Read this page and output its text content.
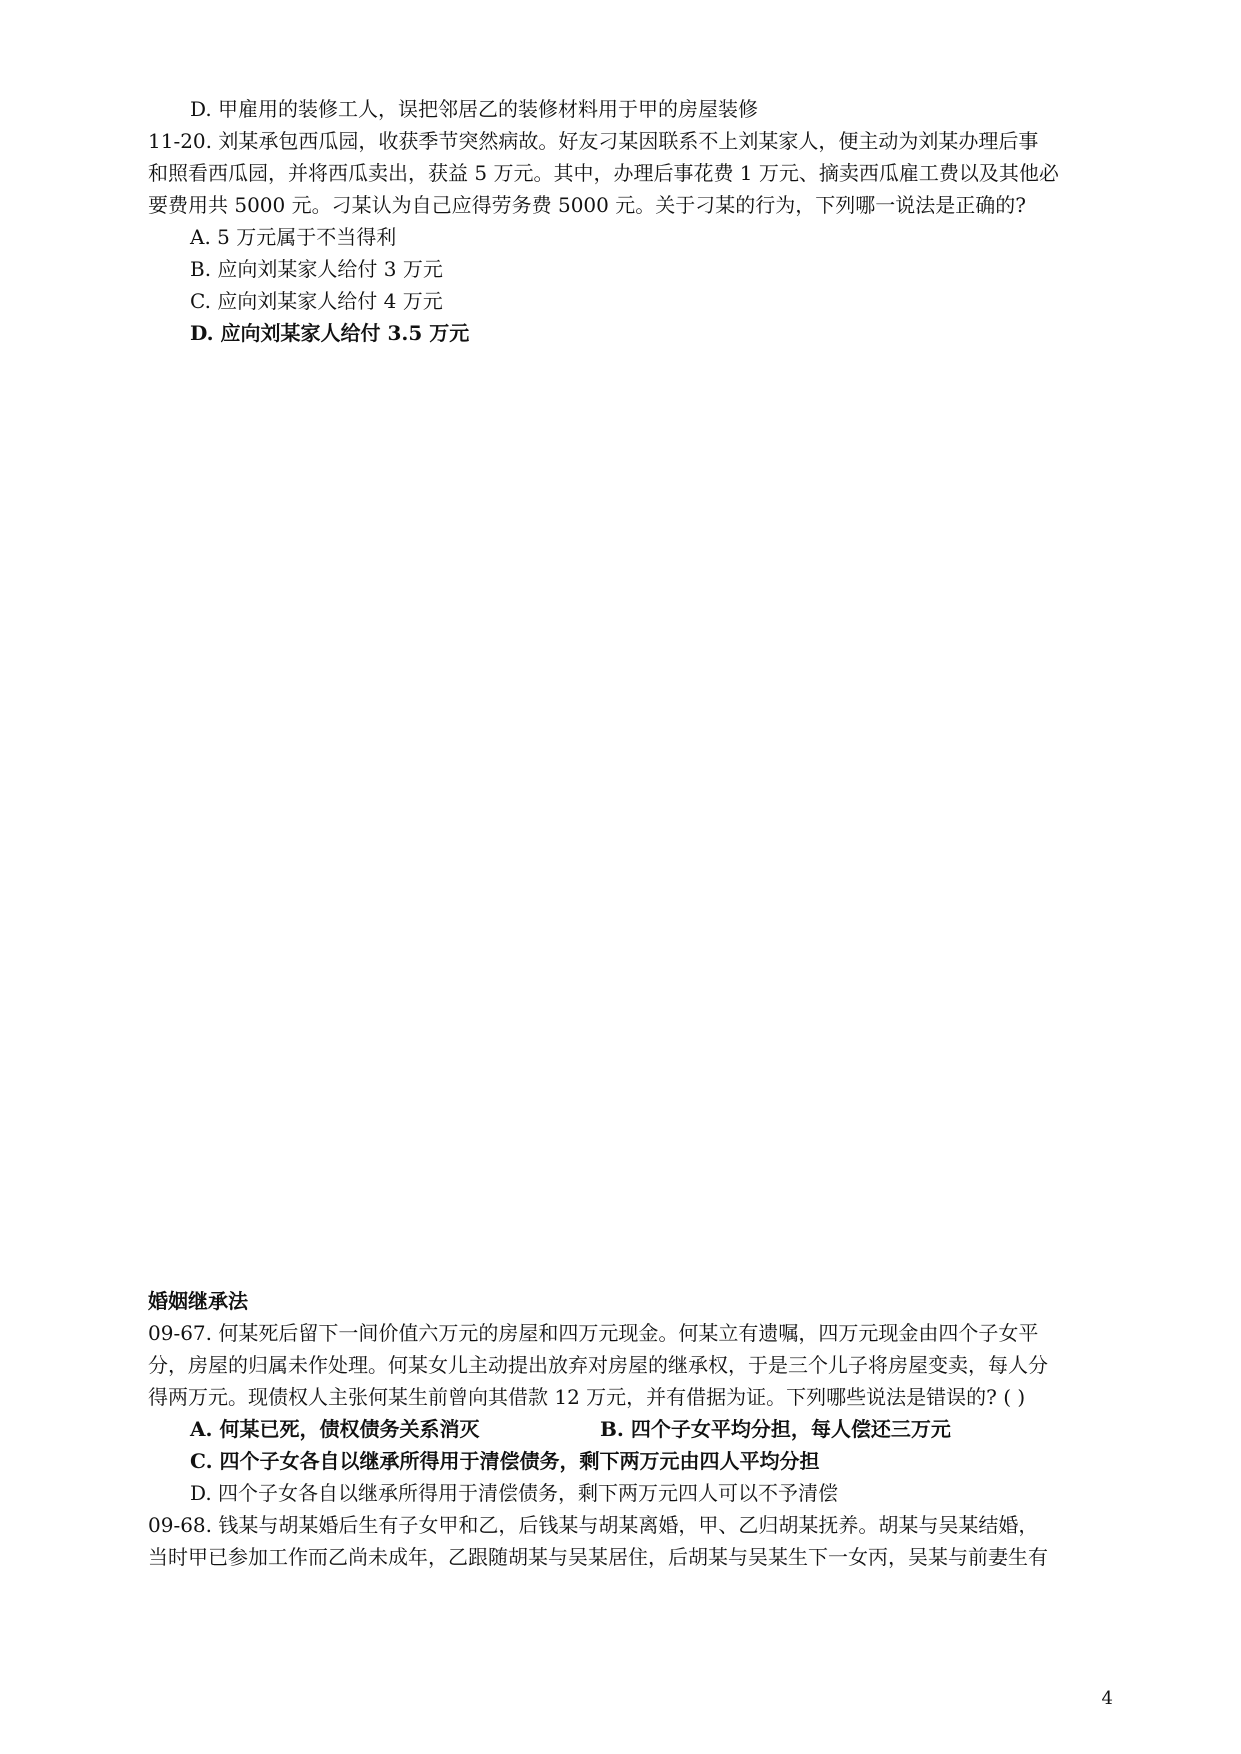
D. 甲雇用的装修工人，误把邻居乙的装修材料用于甲的房屋装修
11-20. 刘某承包西瓜园，收获季节突然病故。好友刁某因联系不上刘某家人，便主动为刘某办理后事
和照看西瓜园，并将西瓜卖出，获益 5 万元。其中，办理后事花费 1 万元、摘卖西瓜雇工费以及其他必
要费用共 5000 元。刁某认为自己应得劳务费 5000 元。关于刁某的行为，下列哪一说法是正确的?
A. 5 万元属于不当得利
B. 应向刘某家人给付 3 万元
C. 应向刘某家人给付 4 万元
D. 应向刘某家人给付 3.5 万元
婚姻继承法
09-67. 何某死后留下一间价值六万元的房屋和四万元现金。何某立有遗嘱，四万元现金由四个子女平
分，房屋的归属未作处理。何某女儿主动提出放弃对房屋的继承权，于是三个儿子将房屋变卖，每人分
得两万元。现债权人主张何某生前曾向其借款 12 万元，并有借据为证。下列哪些说法是错误的? ( )
A. 何某已死，债权债务关系消灭	B. 四个子女平均分担，每人偿还三万元
C. 四个子女各自以继承所得用于清偿债务，剩下两万元由四人平均分担
D. 四个子女各自以继承所得用于清偿债务，剩下两万元四人可以不予清偿
09-68. 钱某与胡某婚后生有子女甲和乙，后钱某与胡某离婚，甲、乙归胡某抚养。胡某与吴某结婚，
当时甲已参加工作而乙尚未成年，乙跟随胡某与吴某居住，后胡某与吴某生下一女丙，吴某与前妻生有
4
